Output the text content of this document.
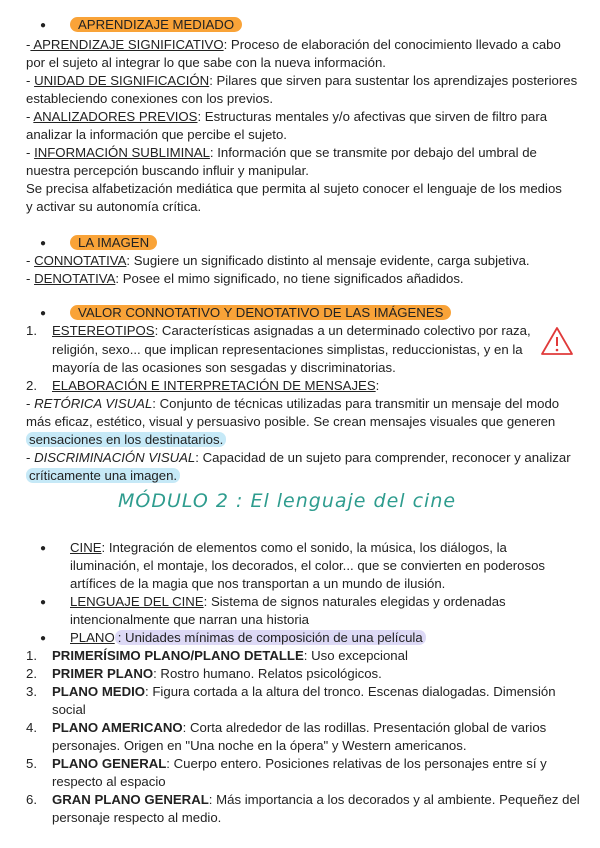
●	APRENDIZAJE MEDIADO
- APRENDIZAJE SIGNIFICATIVO: Proceso de elaboración del conocimiento llevado a cabo
por el sujeto al integrar lo que sabe con la nueva información.
- UNIDAD DE SIGNIFICACIÓN: Pilares que sirven para sustentar los aprendizajes posteriores
estableciendo conexiones con los previos.
- ANALIZADORES PREVIOS: Estructuras mentales y/o afectivas que sirven de filtro para
analizar la información que percibe el sujeto.
- INFORMACIÓN SUBLIMINAL: Información que se transmite por debajo del umbral de
nuestra percepción buscando influir y manipular.
Se precisa alfabetización mediática que permita al sujeto conocer el lenguaje de los medios
y activar su autonomía crítica.
●	LA IMAGEN
- CONNOTATIVA: Sugiere un significado distinto al mensaje evidente, carga subjetiva.
- DENOTATIVA: Posee el mimo significado, no tiene significados añadidos.
●	VALOR CONNOTATIVO Y DENOTATIVO DE LAS IMÁGENES
1.	ESTEREOTIPOS: Características asignadas a un determinado colectivo por raza,
religión, sexo... que implican representaciones simplistas, reduccionistas, y en la
mayoría de las ocasiones son sesgadas y discriminatorias.
2.	ELABORACIÓN E INTERPRETACIÓN DE MENSAJES:
- RETÓRICA VISUAL: Conjunto de técnicas utilizadas para transmitir un mensaje del modo
más eficaz, estético, visual y persuasivo posible. Se crean mensajes visuales que generen
sensaciones en los destinatarios.
- DISCRIMINACIÓN VISUAL: Capacidad de un sujeto para comprender, reconocer y analizar
críticamente una imagen.
MÓDULO 2 : El lenguaje del cine
● CINE: Integración de elementos como el sonido, la música, los diálogos, la
iluminación, el montaje, los decorados, el color... que se convierten en poderosos
artífices de la magia que nos transportan a un mundo de ilusión.
● LENGUAJE DEL CINE: Sistema de signos naturales elegidas y ordenadas
intencionalmente que narran una historia
● PLANO : Unidades mínimas de composición de una película
1.	PRIMERÍSIMO PLANO/PLANO DETALLE: Uso excepcional
2.	PRIMER PLANO: Rostro humano. Relatos psicológicos.
3.	PLANO MEDIO: Figura cortada a la altura del tronco. Escenas dialogadas. Dimensión
social
4.	PLANO AMERICANO: Corta alrededor de las rodillas. Presentación global de varios
personajes. Origen en "Una noche en la ópera" y Western americanos.
5.	PLANO GENERAL: Cuerpo entero. Posiciones relativas de los personajes entre sí y
respecto al espacio
6.	GRAN PLANO GENERAL: Más importancia a los decorados y al ambiente. Pequeñez del
personaje respecto al medio.
